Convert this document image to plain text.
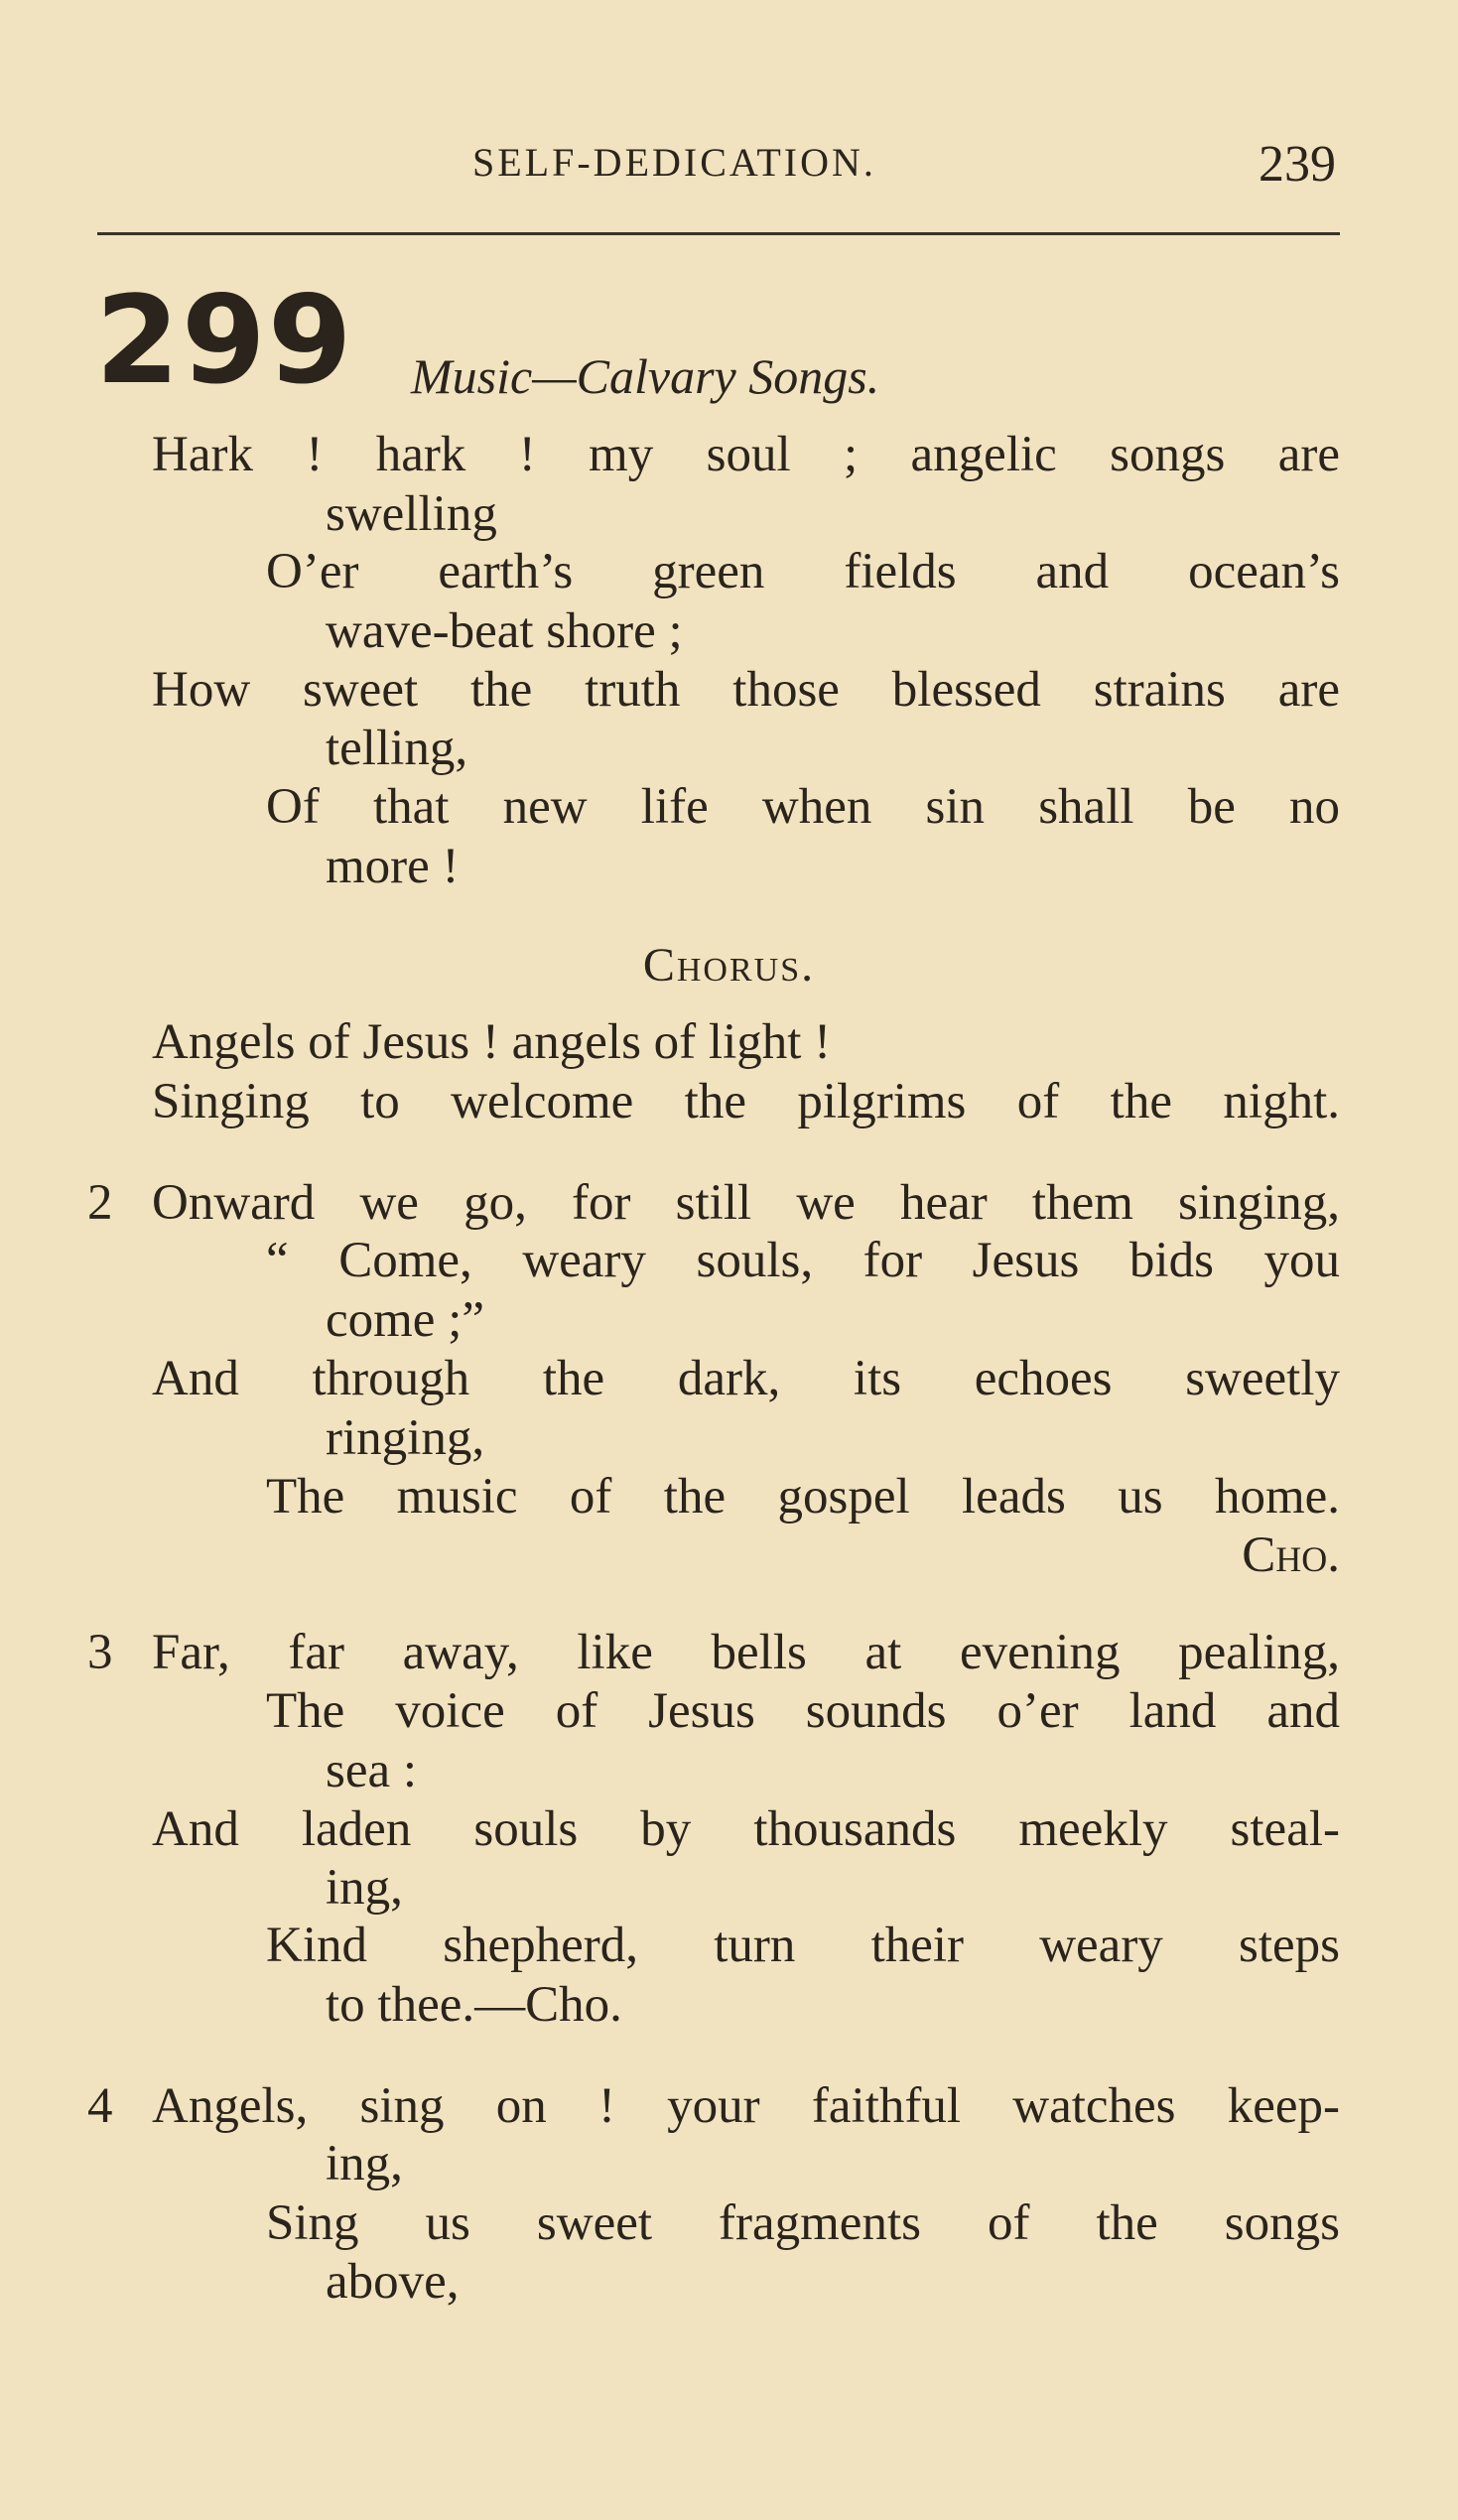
SELF-DEDICATION.	239
299 Music—Calvary Songs.
Hark ! hark ! my soul ; angelic songs are
swelling
O’er earth’s green fields and ocean’s
wave-beat shore ;
How sweet the truth those blessed strains are
telling,
Of that new life when sin shall be no
more !
Chorus.
Angels of Jesus ! angels of light !
Singing to welcome the pilgrims of the night.
2 Onward we go, for still we hear them singing,
“ Come, weary souls, for Jesus bids you
come ;”
And through the dark, its echoes sweetly
ringing,
The music of the gospel leads us home.
Cho.
3 Far, far away, like bells at evening pealing,
The voice of Jesus sounds o’er land and
sea :
And laden souls by thousands meekly steal-
ing,
Kind shepherd, turn their weary steps
to thee.—Cho.
4 Angels, sing on ! your faithful watches keep-
ing,
Sing us sweet fragments of the songs
above,
